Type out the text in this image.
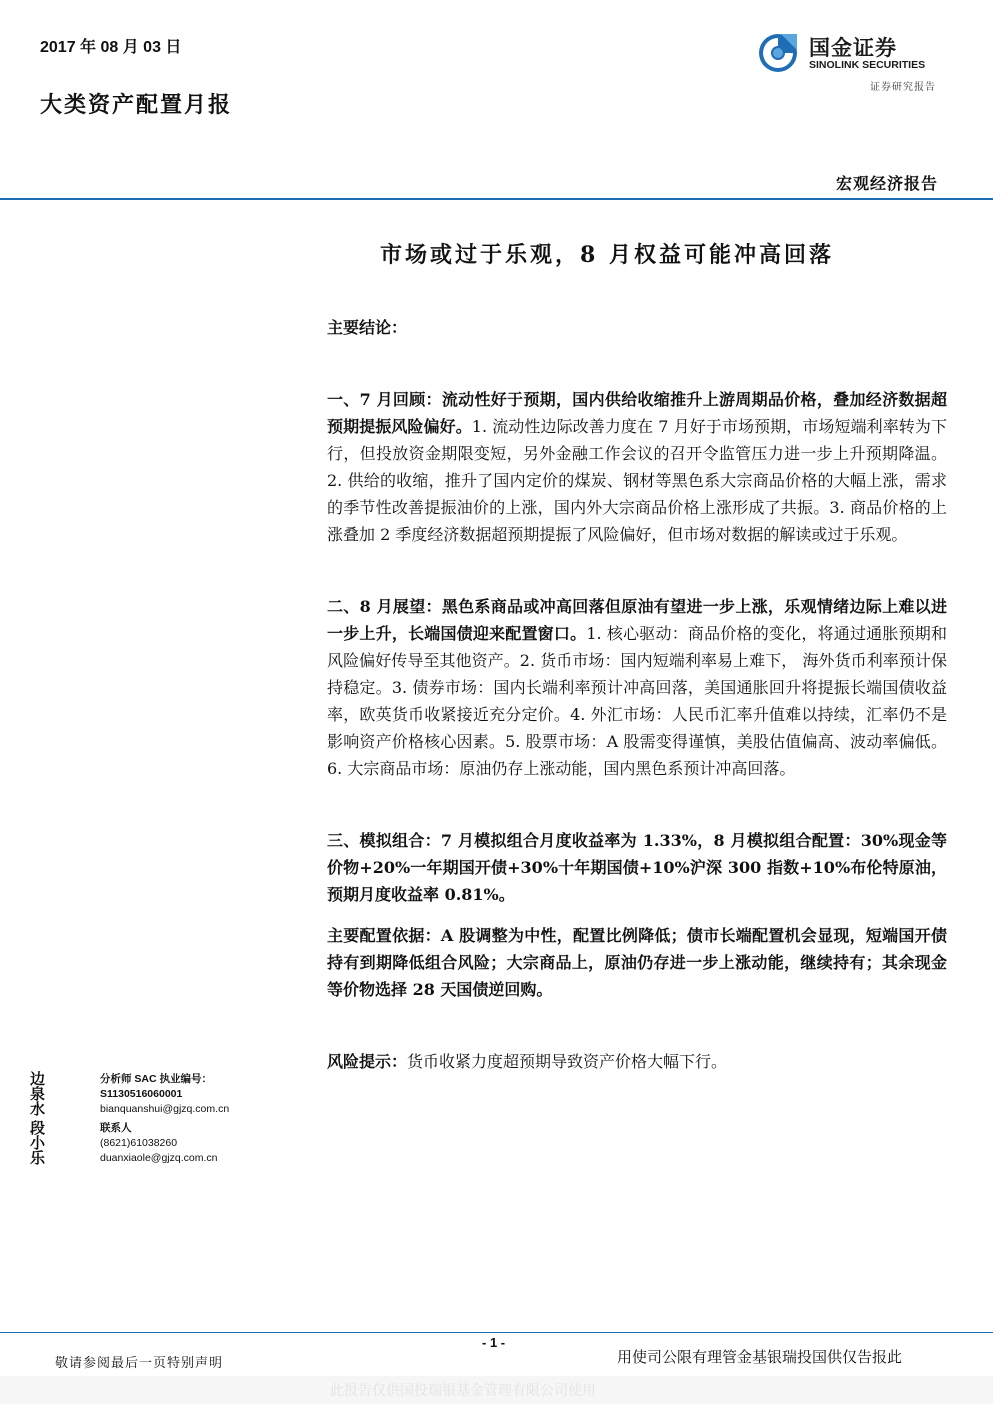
2017 年 08 月 03 日
大类资产配置月报
国金证券
SINOLINK SECURITIES
证券研究报告
宏观经济报告
市场或过于乐观，8 月权益可能冲高回落

主要结论：

一、7 月回顾：流动性好于预期，国内供给收缩推升上游周期品价格，叠加经济数据超预期提振风险偏好。1. 流动性边际改善力度在 7 月好于市场预期，市场短端利率转为下行，但投放资金期限变短，另外金融工作会议的召开令监管压力进一步上升预期降温。2. 供给的收缩，推升了国内定价的煤炭、钢材等黑色系大宗商品价格的大幅上涨，需求的季节性改善提振油价的上涨，国内外大宗商品价格上涨形成了共振。3. 商品价格的上涨叠加 2 季度经济数据超预期提振了风险偏好，但市场对数据的解读或过于乐观。

二、8 月展望：黑色系商品或冲高回落但原油有望进一步上涨，乐观情绪边际上难以进一步上升，长端国债迎来配置窗口。1. 核心驱动：商品价格的变化，将通过通胀预期和风险偏好传导至其他资产。2. 货币市场：国内短端利率易上难下， 海外货币利率预计保持稳定。3. 债券市场：国内长端利率预计冲高回落，美国通胀回升将提振长端国债收益率，欧英货币收紧接近充分定价。4. 外汇市场：人民币汇率升值难以持续，汇率仍不是影响资产价格核心因素。5. 股票市场：A 股需变得谨慎，美股估值偏高、波动率偏低。6. 大宗商品市场：原油仍存上涨动能，国内黑色系预计冲高回落。

三、模拟组合：7 月模拟组合月度收益率为 1.33%，8 月模拟组合配置：30%现金等价物+20%一年期国开债+30%十年期国债+10%沪深 300 指数+10%布伦特原油，预期月度收益率 0.81%。

主要配置依据：A 股调整为中性，配置比例降低；债市长端配置机会显现，短端国开债持有到期降低组合风险；大宗商品上，原油仍存进一步上涨动能，继续持有；其余现金等价物选择 28 天国债逆回购。

风险提示：货币收紧力度超预期导致资产价格大幅下行。

边泉水
分析师 SAC 执业编号：S1130516060001
bianquanshui@gjzq.com.cn
段小乐
联系人
(8621)61038260
duanxiaole@gjzq.com.cn
- 1 -
敬请参阅最后一页特别声明	用使司公限有理管金基银瑞投国供仅告报此
此报告仅供国投瑞银基金管理有限公司使用
